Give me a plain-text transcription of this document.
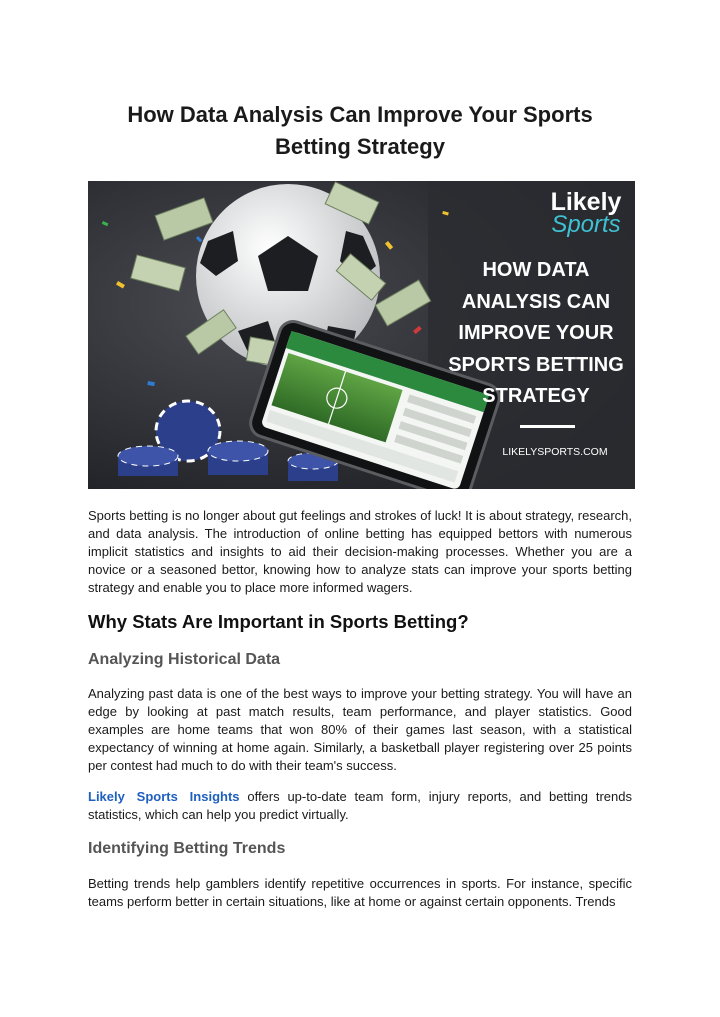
How Data Analysis Can Improve Your Sports Betting Strategy
Likely
Sports
HOW DATA
ANALYSIS CAN
IMPROVE YOUR
SPORTS BETTING
STRATEGY
LIKELYSPORTS.COM

Sports betting is no longer about gut feelings and strokes of luck! It is about strategy, research, and data analysis. The introduction of online betting has equipped bettors with numerous implicit statistics and insights to aid their decision-making processes. Whether you are a novice or a seasoned bettor, knowing how to analyze stats can improve your sports betting strategy and enable you to place more informed wagers.

Why Stats Are Important in Sports Betting?
Analyzing Historical Data

Analyzing past data is one of the best ways to improve your betting strategy. You will have an edge by looking at past match results, team performance, and player statistics. Good examples are home teams that won 80% of their games last season, with a statistical expectancy of winning at home again. Similarly, a basketball player registering over 25 points per contest had much to do with their team's success.

Likely Sports Insights offers up-to-date team form, injury reports, and betting trends statistics, which can help you predict virtually.

Identifying Betting Trends

Betting trends help gamblers identify repetitive occurrences in sports. For instance, specific teams perform better in certain situations, like at home or against certain opponents. Trends
